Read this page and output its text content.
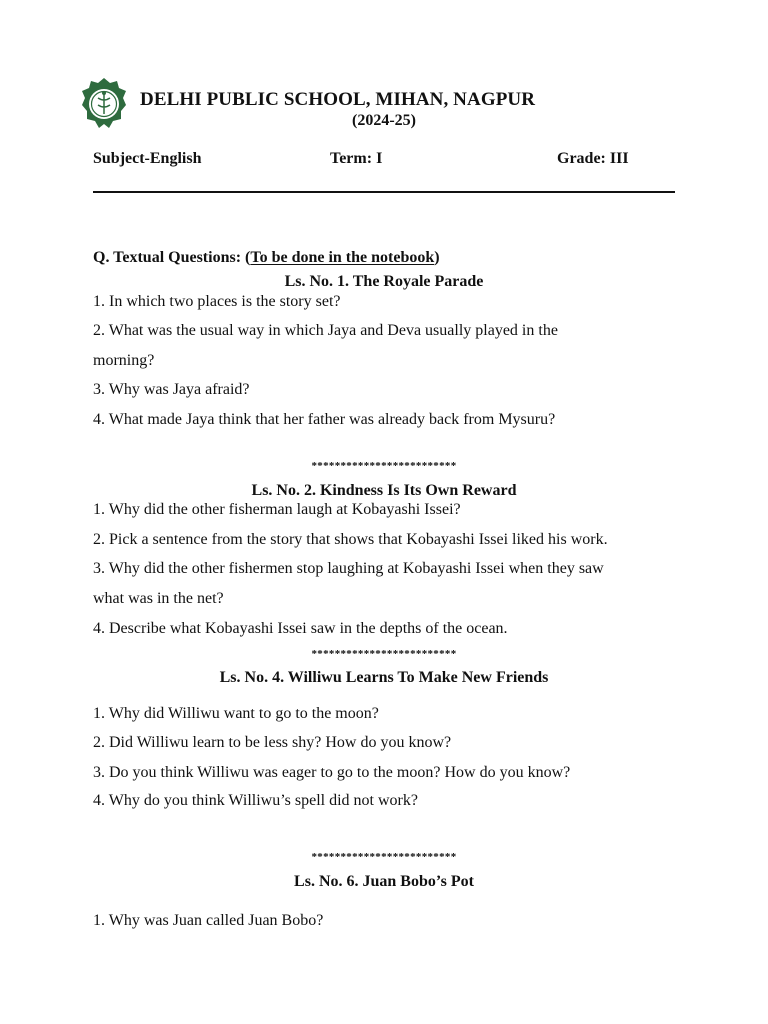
DELHI PUBLIC SCHOOL, MIHAN, NAGPUR
(2024-25)
Subject-English	Term: I	Grade: III
Q. Textual Questions: (To be done in the notebook)
Ls. No. 1. The Royale Parade
1. In which two places is the story set?
2. What was the usual way in which Jaya and Deva usually played in the
morning?
3. Why was Jaya afraid?
4. What made Jaya think that her father was already back from Mysuru?
*************************
Ls. No. 2. Kindness Is Its Own Reward
1. Why did the other fisherman laugh at Kobayashi Issei?
2. Pick a sentence from the story that shows that Kobayashi Issei liked his work.
3. Why did the other fishermen stop laughing at Kobayashi Issei when they saw
what was in the net?
4. Describe what Kobayashi Issei saw in the depths of the ocean.
*************************
Ls. No. 4. Williwu Learns To Make New Friends
1. Why did Williwu want to go to the moon?
2. Did Williwu learn to be less shy? How do you know?
3. Do you think Williwu was eager to go to the moon? How do you know?
4. Why do you think Williwu’s spell did not work?
*************************
Ls. No. 6. Juan Bobo’s Pot
1. Why was Juan called Juan Bobo?
